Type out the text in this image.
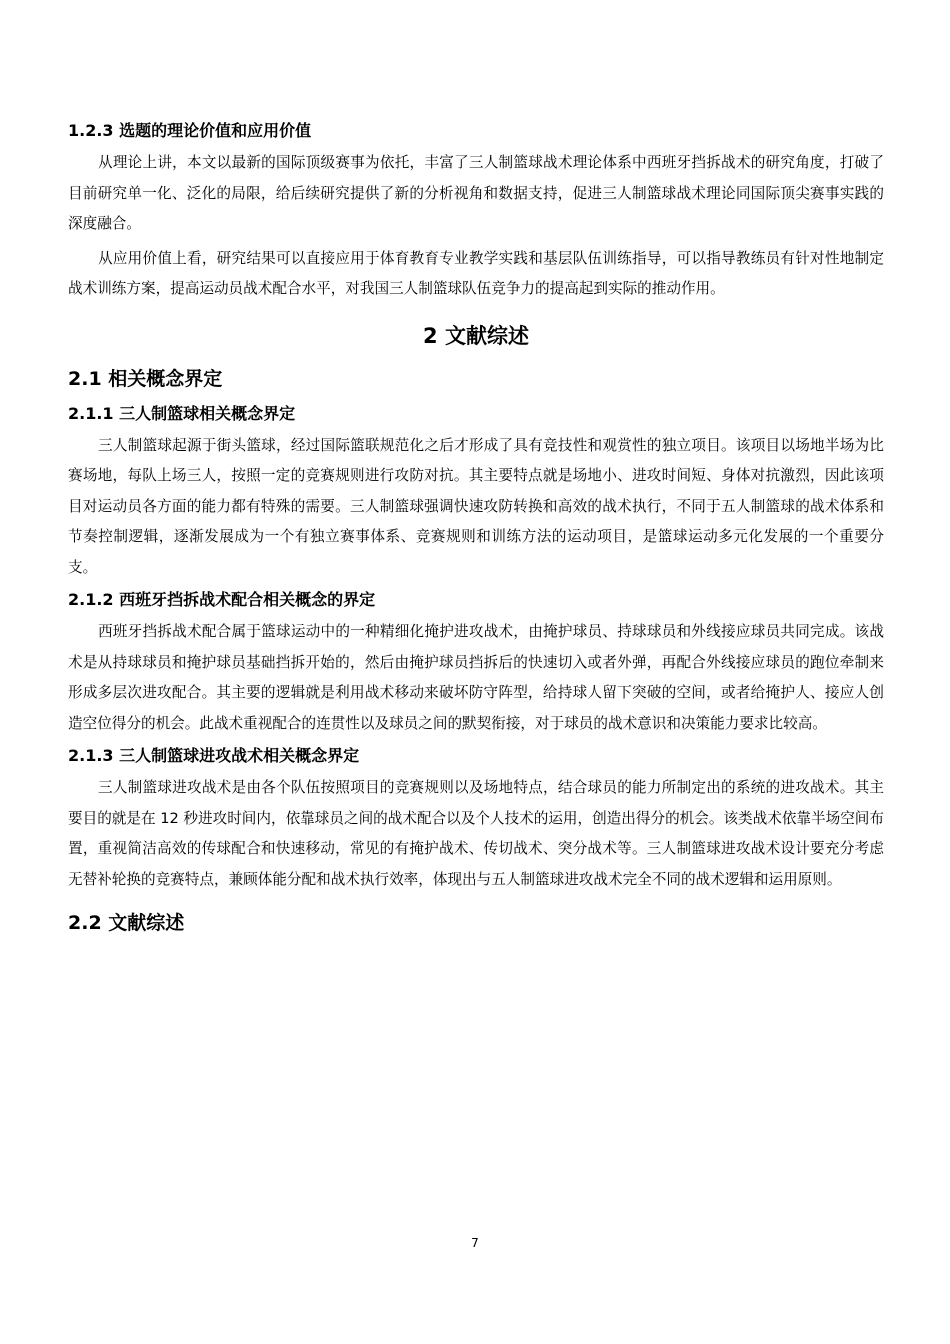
1.2.3 选题的理论价值和应用价值

从理论上讲，本文以最新的国际顶级赛事为依托，丰富了三人制篮球战术理论体系中西班牙挡拆战术的研究角度，打破了目前研究单一化、泛化的局限，给后续研究提供了新的分析视角和数据支持，促进三人制篮球战术理论同国际顶尖赛事实践的深度融合。

从应用价值上看，研究结果可以直接应用于体育教育专业教学实践和基层队伍训练指导，可以指导教练员有针对性地制定战术训练方案，提高运动员战术配合水平，对我国三人制篮球队伍竞争力的提高起到实际的推动作用。

2 文献综述
2.1 相关概念界定
2.1.1 三人制篮球相关概念界定

三人制篮球起源于街头篮球，经过国际篮联规范化之后才形成了具有竞技性和观赏性的独立项目。该项目以场地半场为比赛场地，每队上场三人，按照一定的竞赛规则进行攻防对抗。其主要特点就是场地小、进攻时间短、身体对抗激烈，因此该项目对运动员各方面的能力都有特殊的需要。三人制篮球强调快速攻防转换和高效的战术执行，不同于五人制篮球的战术体系和节奏控制逻辑，逐渐发展成为一个有独立赛事体系、竞赛规则和训练方法的运动项目，是篮球运动多元化发展的一个重要分支。

2.1.2 西班牙挡拆战术配合相关概念的界定

西班牙挡拆战术配合属于篮球运动中的一种精细化掩护进攻战术，由掩护球员、持球球员和外线接应球员共同完成。该战术是从持球球员和掩护球员基础挡拆开始的，然后由掩护球员挡拆后的快速切入或者外弹，再配合外线接应球员的跑位牵制来形成多层次进攻配合。其主要的逻辑就是利用战术移动来破坏防守阵型，给持球人留下突破的空间，或者给掩护人、接应人创造空位得分的机会。此战术重视配合的连贯性以及球员之间的默契衔接，对于球员的战术意识和决策能力要求比较高。

2.1.3 三人制篮球进攻战术相关概念界定

三人制篮球进攻战术是由各个队伍按照项目的竞赛规则以及场地特点，结合球员的能力所制定出的系统的进攻战术。其主要目的就是在 12 秒进攻时间内，依靠球员之间的战术配合以及个人技术的运用，创造出得分的机会。该类战术依靠半场空间布置，重视简洁高效的传球配合和快速移动，常见的有掩护战术、传切战术、突分战术等。三人制篮球进攻战术设计要充分考虑无替补轮换的竞赛特点，兼顾体能分配和战术执行效率，体现出与五人制篮球进攻战术完全不同的战术逻辑和运用原则。

2.2 文献综述
7
